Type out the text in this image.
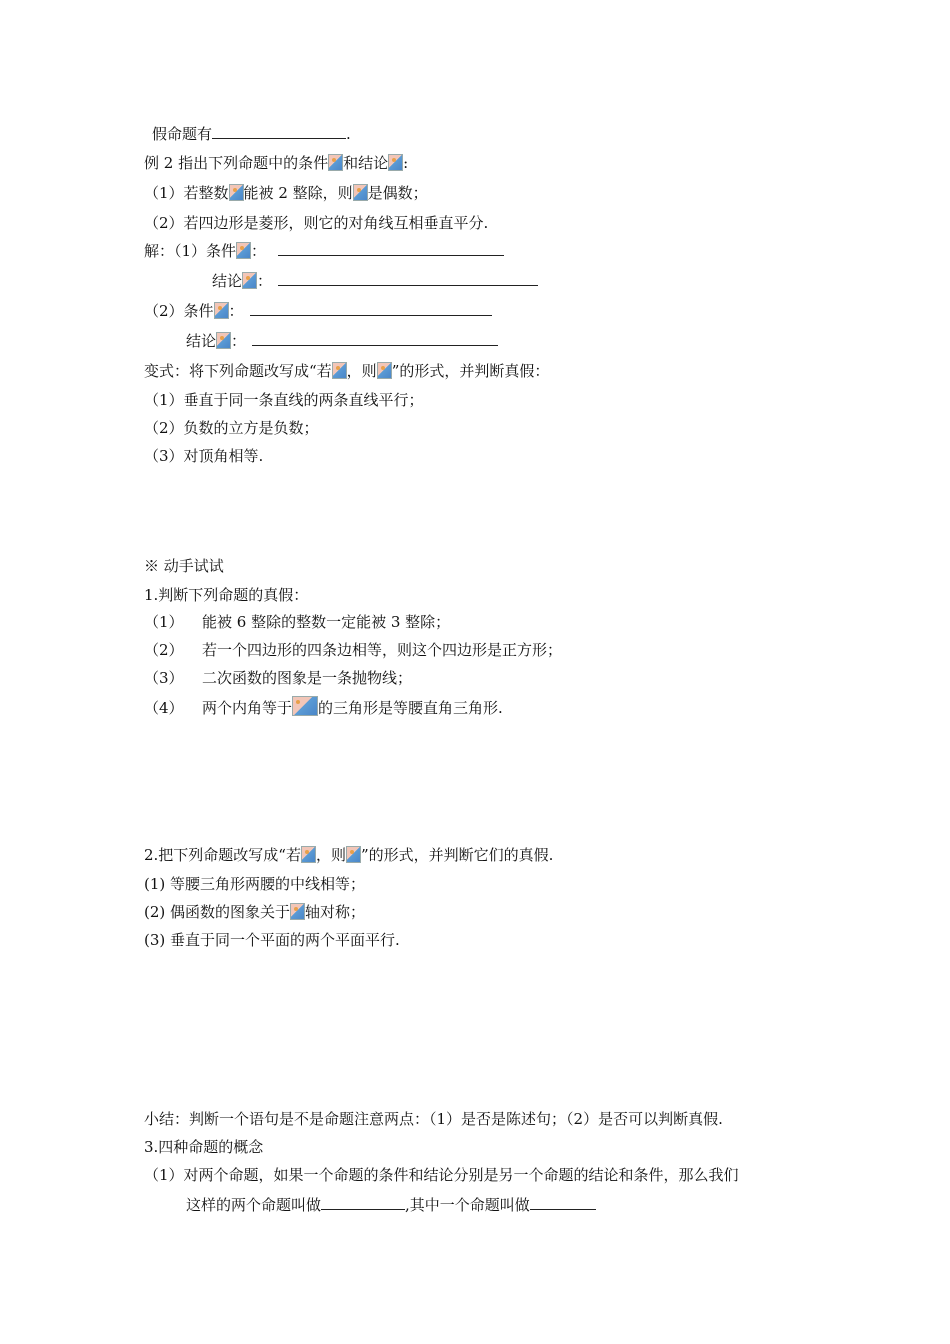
假命题有	.
例 2 指出下列命题中的条件 和结论 :
（1）若整数 能被 2 整除，则 是偶数；
（2）若四边形是菱形，则它的对角线互相垂直平分.
解：（1）条件 ：
结论 ：
（2）条件 ：
结论 ：
变式：将下列命题改写成“若 ，则 ”的形式，并判断真假：
（1）垂直于同一条直线的两条直线平行；
（2）负数的立方是负数；
（3）对顶角相等.
※ 动手试试
1.判断下列命题的真假：
（1） 能被 6 整除的整数一定能被 3 整除；
（2） 若一个四边形的四条边相等，则这个四边形是正方形；
（3） 二次函数的图象是一条抛物线；
（4） 两个内角等于 的三角形是等腰直角三角形.
2.把下列命题改写成“若 ，则 ”的形式，并判断它们的真假.
(1) 等腰三角形两腰的中线相等；
(2) 偶函数的图象关于 轴对称；
(3) 垂直于同一个平面的两个平面平行.
小结：判断一个语句是不是命题注意两点：（1）是否是陈述句；（2）是否可以判断真假.
3.四种命题的概念
（1）对两个命题，如果一个命题的条件和结论分别是另一个命题的结论和条件，那么我们
这样的两个命题叫做	,其中一个命题叫做
